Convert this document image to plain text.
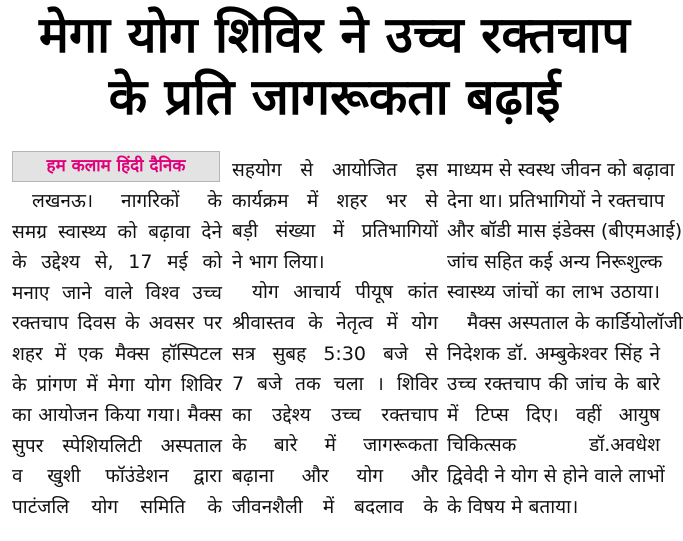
मेगा योग शिविर ने उच्च रक्तचाप
के प्रति जागरूकता बढ़ाई
हम कलाम हिंदी दैनिक
लखनऊ। नागरिकों के
समग्र स्वास्थ्य को बढ़ावा देने
के उद्देश्य से, 17 मई को
मनाए जाने वाले विश्व उच्च
रक्तचाप दिवस के अवसर पर
शहर में एक मैक्स हॉस्पिटल
के प्रांगण में मेगा योग शिविर
का आयोजन किया गया। मैक्स
सुपर स्पेशियलिटी अस्पताल
व खुशी फॉउंडेशन द्वारा
पाटंजलि योग समिति के
सहयोग से आयोजित इस
कार्यक्रम में शहर भर से
बड़ी संख्या में प्रतिभागियों
ने भाग लिया।
योग आचार्य पीयूष कांत
श्रीवास्तव के नेतृत्व में योग
सत्र सुबह 5:30 बजे से
7 बजे तक चला । शिविर
का उद्देश्य उच्च रक्तचाप
के बारे में जागरूकता
बढ़ाना और योग और
जीवनशैली में बदलाव के
माध्यम से स्वस्थ जीवन को बढ़ावा
देना था। प्रतिभागियों ने रक्तचाप
और बॉडी मास इंडेक्स (बीएमआई)
जांच सहित कई अन्य निरूशुल्क
स्वास्थ्य जांचों का लाभ उठाया।
मैक्स अस्पताल के कार्डियोलॉजी
निदेशक डॉ. अम्बुकेश्वर सिंह ने
उच्च रक्तचाप की जांच के बारे
में टिप्स दिए। वहीं आयुष
चिकित्सक डॉ.अवधेश
द्विवेदी ने योग से होने वाले लाभों
के विषय मे बताया।
